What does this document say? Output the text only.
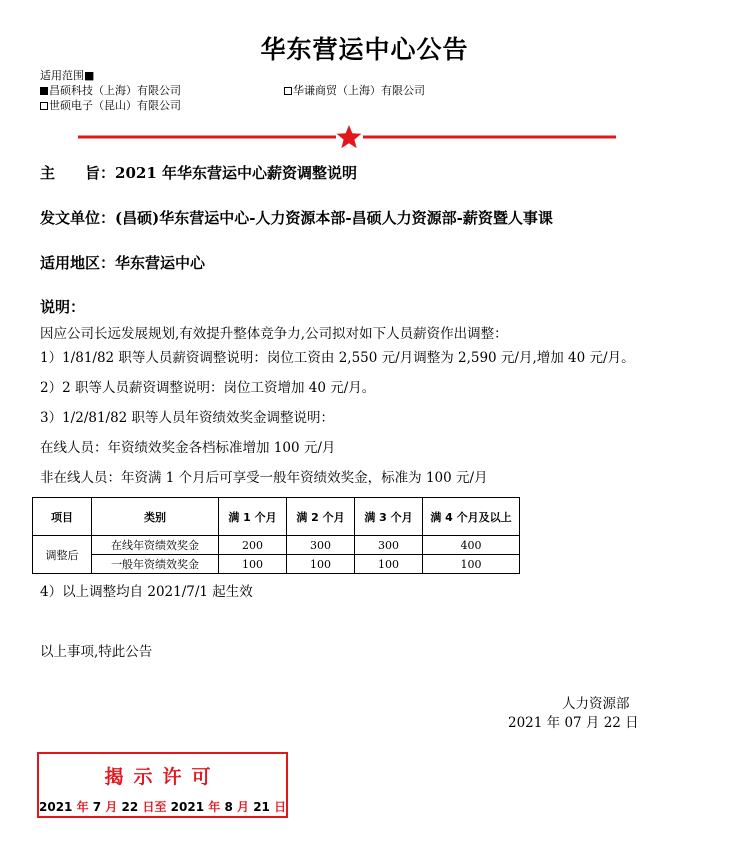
华东营运中心公告
适用范围■
昌硕科技（上海）有限公司	华谦商贸（上海）有限公司
世硕电子（昆山）有限公司
主　　旨：2021 年华东营运中心薪资调整说明
发文单位：(昌硕)华东营运中心-人力资源本部-昌硕人力资源部-薪资暨人事课
适用地区：华东营运中心
说明：
因应公司长远发展规划,有效提升整体竞争力,公司拟对如下人员薪资作出调整：
1）1/81/82 职等人员薪资调整说明：岗位工资由 2,550 元/月调整为 2,590 元/月,增加 40 元/月。
2）2 职等人员薪资调整说明：岗位工资增加 40 元/月。
3）1/2/81/82 职等人员年资绩效奖金调整说明：
在线人员：年资绩效奖金各档标准增加 100 元/月
非在线人员：年资满 1 个月后可享受一般年资绩效奖金，标准为 100 元/月
项目	类别	满 1 个月	满 2 个月	满 3 个月	满 4 个月及以上
调整后	在线年资绩效奖金	200	300	300	400
	一般年资绩效奖金	100	100	100	100
4）以上调整均自 2021/7/1 起生效
以上事项,特此公告
人力资源部
2021 年 07 月 22 日
揭示许可
2021 年 7 月 22 日至 2021 年 8 月 21 日
